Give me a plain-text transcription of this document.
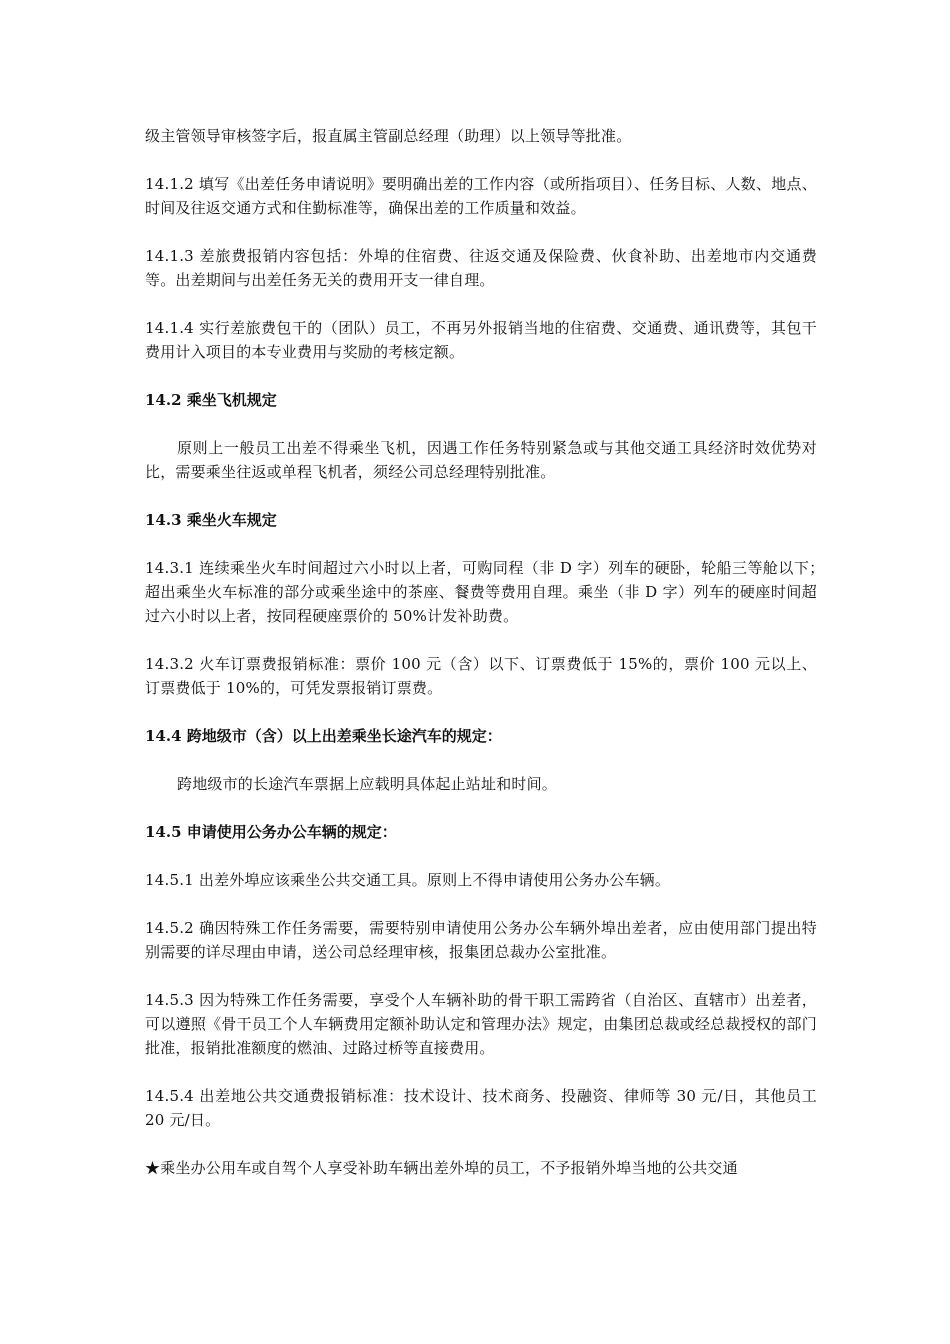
级主管领导审核签字后，报直属主管副总经理（助理）以上领导等批准。

14.1.2 填写《出差任务申请说明》要明确出差的工作内容（或所指项目）、任务目标、人数、地点、时间及往返交通方式和住勤标准等，确保出差的工作质量和效益。

14.1.3 差旅费报销内容包括：外埠的住宿费、往返交通及保险费、伙食补助、出差地市内交通费等。出差期间与出差任务无关的费用开支一律自理。

14.1.4 实行差旅费包干的（团队）员工，不再另外报销当地的住宿费、交通费、通讯费等，其包干费用计入项目的本专业费用与奖励的考核定额。

14.2 乘坐飞机规定

原则上一般员工出差不得乘坐飞机，因遇工作任务特别紧急或与其他交通工具经济时效优势对比，需要乘坐往返或单程飞机者，须经公司总经理特别批准。

14.3 乘坐火车规定

14.3.1 连续乘坐火车时间超过六小时以上者，可购同程（非 D 字）列车的硬卧，轮船三等舱以下；　超出乘坐火车标准的部分或乘坐途中的茶座、餐费等费用自理。乘坐（非 D 字）列车的硬座时间超过六小时以上者，按同程硬座票价的 50%计发补助费。

14.3.2 火车订票费报销标准：票价 100 元（含）以下、订票费低于 15%的，票价 100 元以上、订票费低于 10%的，可凭发票报销订票费。

14.4 跨地级市（含）以上出差乘坐长途汽车的规定：

跨地级市的长途汽车票据上应载明具体起止站址和时间。

14.5 申请使用公务办公车辆的规定：

14.5.1 出差外埠应该乘坐公共交通工具。原则上不得申请使用公务办公车辆。

14.5.2 确因特殊工作任务需要，需要特别申请使用公务办公车辆外埠出差者，应由使用部门提出特别需要的详尽理由申请，送公司总经理审核，报集团总裁办公室批准。

14.5.3 因为特殊工作任务需要，享受个人车辆补助的骨干职工需跨省（自治区、直辖市）出差者，可以遵照《骨干员工个人车辆费用定额补助认定和管理办法》规定，由集团总裁或经总裁授权的部门批准，报销批准额度的燃油、过路过桥等直接费用。

14.5.4 出差地公共交通费报销标准：技术设计、技术商务、投融资、律师等 30 元/日，其他员工 20 元/日。

★乘坐办公用车或自驾个人享受补助车辆出差外埠的员工，不予报销外埠当地的公共交通
